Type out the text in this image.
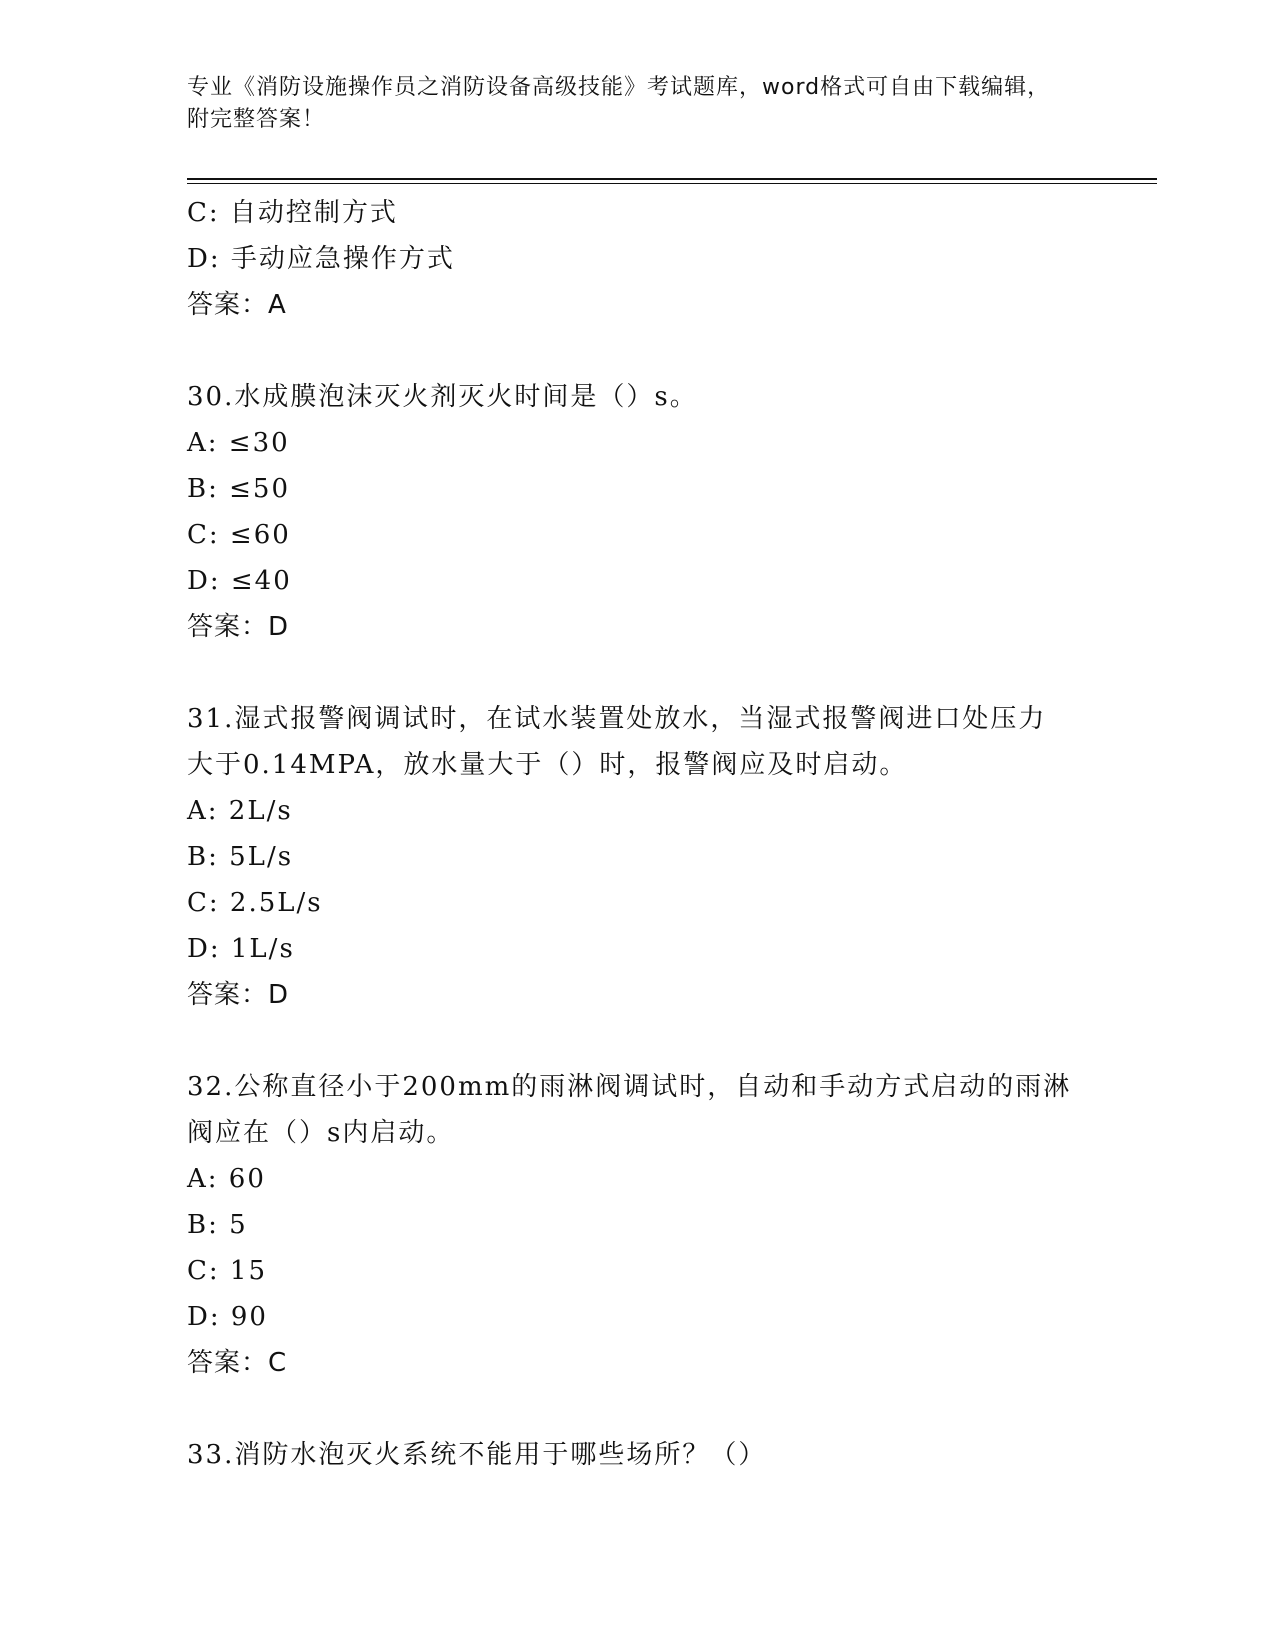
专业《消防设施操作员之消防设备高级技能》考试题库，word格式可自由下载编辑，附完整答案！
C: 自动控制方式
D: 手动应急操作方式
答案：A
30.水成膜泡沫灭火剂灭火时间是（）s。
A: ≤30
B: ≤50
C: ≤60
D: ≤40
答案：D
31.湿式报警阀调试时，在试水装置处放水，当湿式报警阀进口处压力
大于0.14MPA，放水量大于（）时，报警阀应及时启动。
A: 2L/s
B: 5L/s
C: 2.5L/s
D: 1L/s
答案：D
32.公称直径小于200mm的雨淋阀调试时，自动和手动方式启动的雨淋
阀应在（）s内启动。
A: 60
B: 5
C: 15
D: 90
答案：C
33.消防水泡灭火系统不能用于哪些场所？（）
